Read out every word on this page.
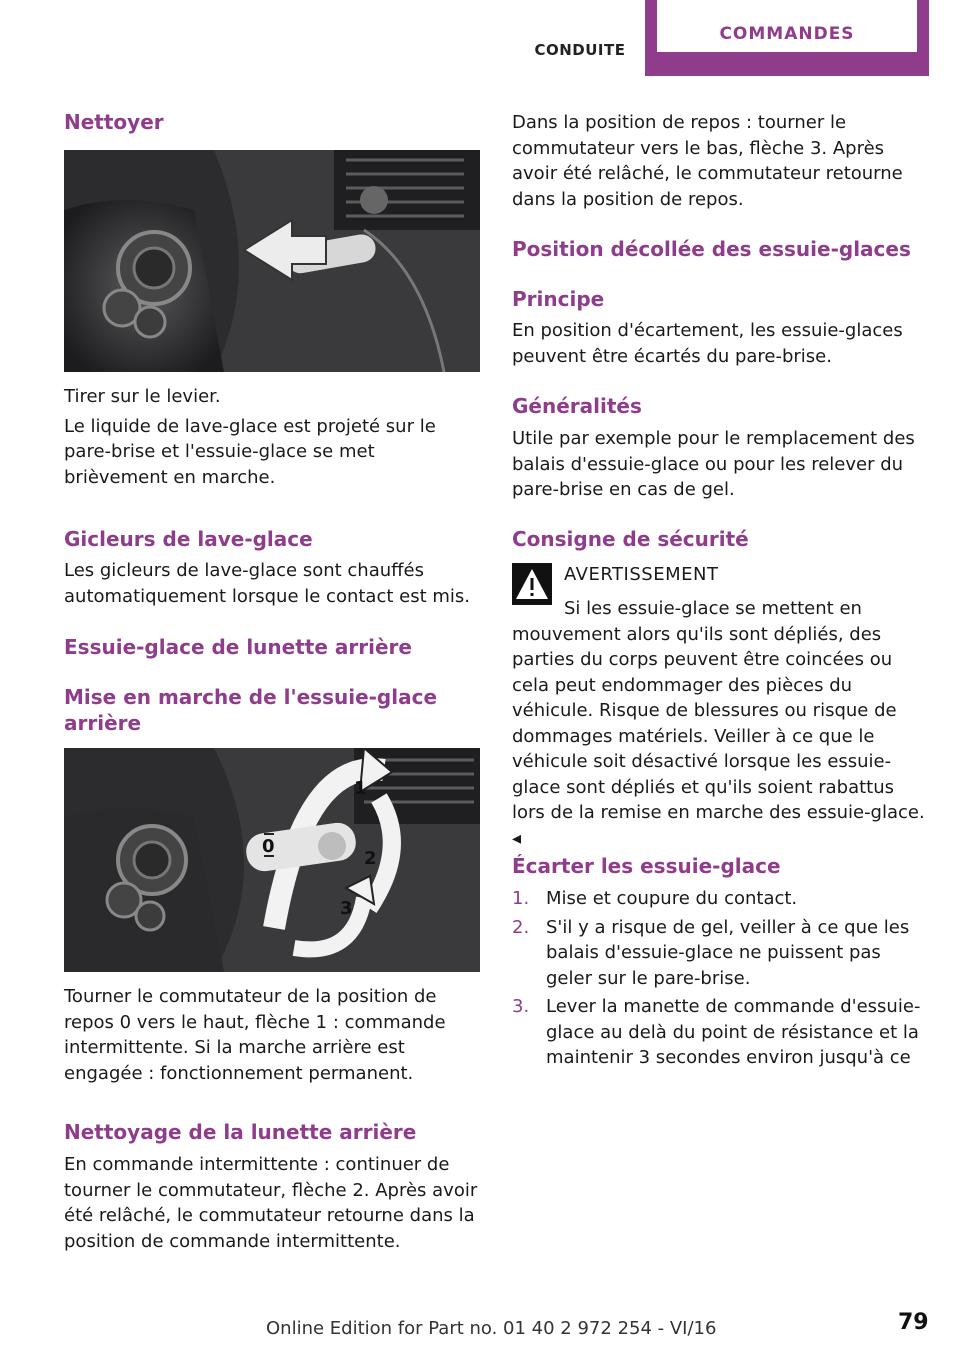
CONDUITE
COMMANDES
Nettoyer

Tirer sur le levier.

Le liquide de lave-glace est projeté sur le pare-brise et l'essuie-glace se met brièvement en marche.

Gicleurs de lave-glace

Les gicleurs de lave-glace sont chauffés automatiquement lorsque le contact est mis.

Essuie-glace de lunette arrière
Mise en marche de l'essuie-glace arrière
0
1
2
3

Tourner le commutateur de la position de repos 0 vers le haut, flèche 1 : commande intermittente. Si la marche arrière est engagée : fonctionnement permanent.

Nettoyage de la lunette arrière

En commande intermittente : continuer de tourner le commutateur, flèche 2. Après avoir été relâché, le commutateur retourne dans la position de commande intermittente.

Dans la position de repos : tourner le commutateur vers le bas, flèche 3. Après avoir été relâché, le commutateur retourne dans la position de repos.

Position décollée des essuie-glaces
Principe

En position d'écartement, les essuie-glaces peuvent être écartés du pare-brise.

Généralités

Utile par exemple pour le remplacement des balais d'essuie-glace ou pour les relever du pare-brise en cas de gel.

Consigne de sécurité
AVERTISSEMENT

Si les essuie-glace se mettent en mouvement alors qu'ils sont dépliés, des parties du corps peuvent être coincées ou cela peut endommager des pièces du véhicule. Risque de blessures ou risque de dommages matériels. Veiller à ce que le véhicule soit désactivé lorsque les essuie-glace sont dépliés et qu'ils soient rabattus lors de la remise en marche des essuie-glace. ◂

Écarter les essuie-glace
1. Mise et coupure du contact.
2. S'il y a risque de gel, veiller à ce que les balais d'essuie-glace ne puissent pas geler sur le pare-brise.
3. Lever la manette de commande d'essuie-glace au delà du point de résistance et la maintenir 3 secondes environ jusqu'à ce
Online Edition for Part no. 01 40 2 972 254 - VI/16	79
